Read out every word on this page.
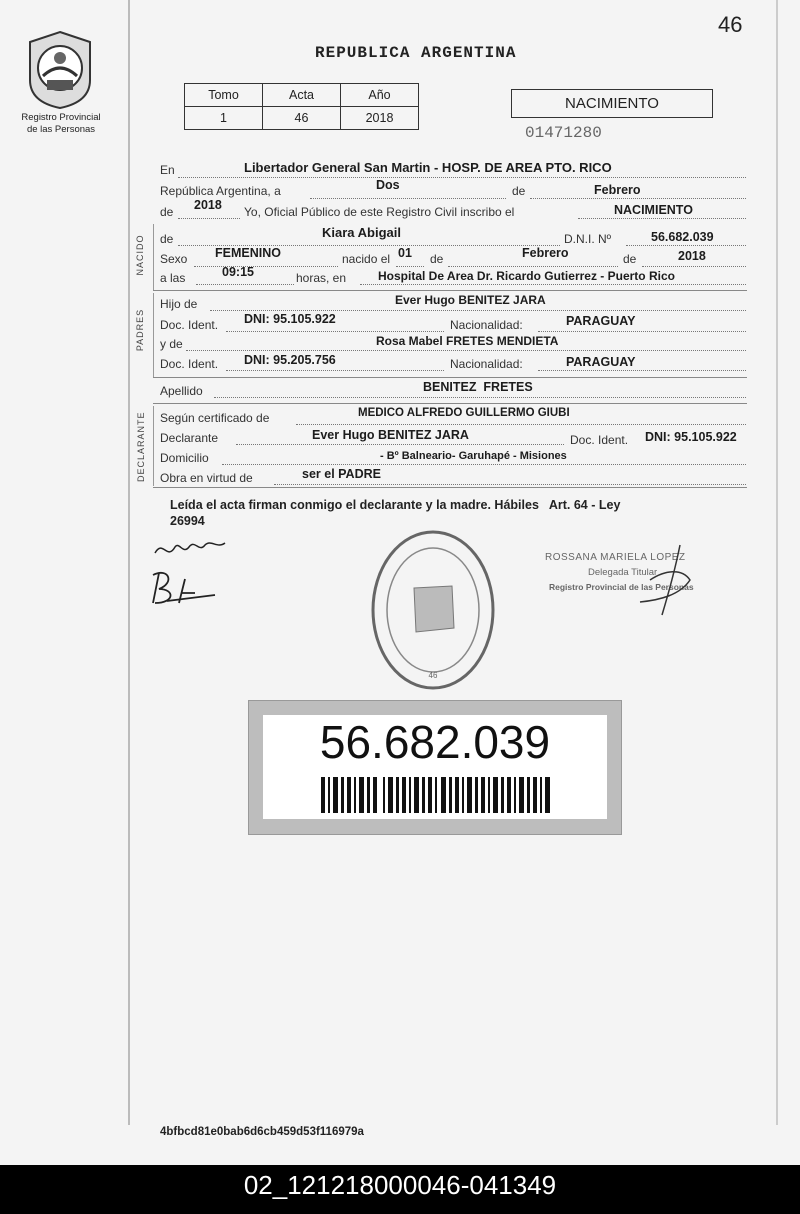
Registro Provincial
de las Personas
46
REPUBLICA ARGENTINA
Tomo	Acta	Año
1	46	2018
NACIMIENTO
01471280
En	Libertador General San Martin - HOSP. DE AREA PTO. RICO
República Argentina, a	Dos	de	Febrero
de 2018 Yo, Oficial Público de este Registro Civil inscribo el	NACIMIENTO
NACIDO de	Kiara Abigail	D.N.I. Nº	56.682.039
Sexo FEMENINO	nacido el 01 de	Febrero	de	2018
a las	09:15	horas, en	Hospital De Area Dr. Ricardo Gutierrez - Puerto Rico
PADRES
Hijo de	Ever Hugo BENITEZ JARA
Doc. Ident. DNI: 95.105.922	Nacionalidad:	PARAGUAY
y de	Rosa Mabel FRETES MENDIETA
Doc. Ident. DNI: 95.205.756	Nacionalidad:	PARAGUAY
Apellido	BENITEZ  FRETES
DECLARANTE Según certificado de	MEDICO ALFREDO GUILLERMO GIUBI
Declarante	Ever Hugo BENITEZ JARA	Doc. Ident. DNI: 95.105.922
Domicilio	- Bº Balneario- Garuhapé - Misiones
Obra en virtud de	ser el PADRE
Leída el acta firman conmigo el declarante y la madre. Hábiles   Art. 64 - Ley
26994
46
ROSSANA MARIELA LOPEZ
Delegada Titular
Registro Provincial de las Personas
56.682.039
4bfbcd81e0bab6d6cb459d53f116979a
02_121218000046-041349
